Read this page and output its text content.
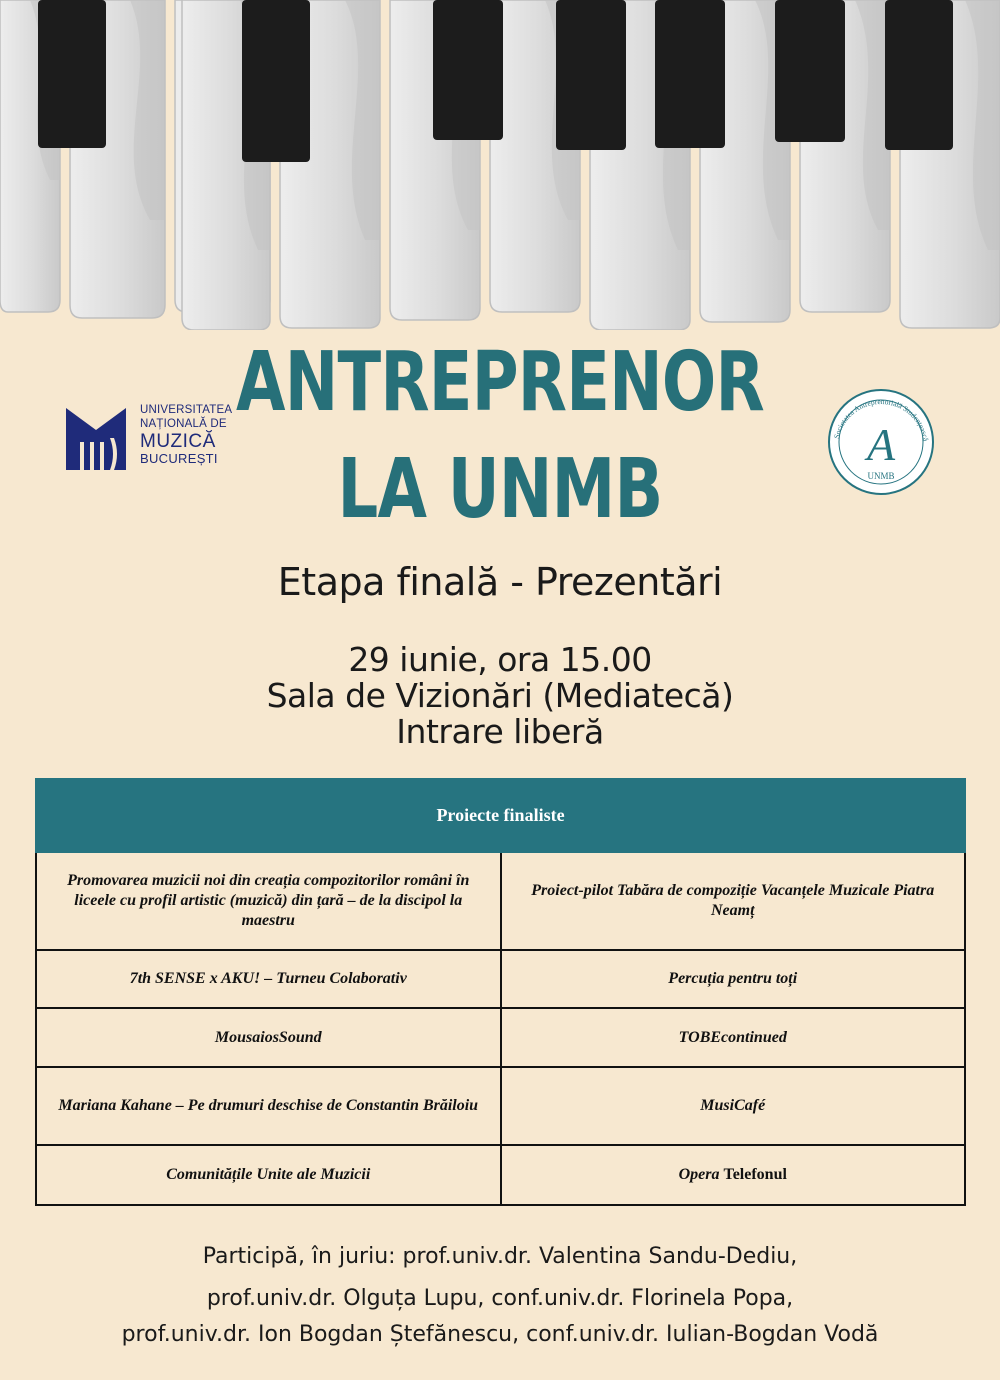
UNIVERSITATEA
NAȚIONALĂ DE
MUZICĂ
BUCUREȘTI
Societatea Antreprenorială Studențească
A
UNMB
ANTREPRENOR
LA UNMB
Etapa finală - Prezentări
29 iunie, ora 15.00
Sala de Vizionări (Mediatecă)
Intrare liberă
Proiecte finaliste	
Promovarea muzicii noi din creația compozitorilor români în liceele cu profil artistic (muzică) din țară – de la discipol la maestru	Proiect-pilot Tabăra de compoziție Vacanțele Muzicale Piatra Neamț
7th SENSE x AKU! – Turneu Colaborativ	Percuția pentru toți
MousaiosSound	TOBEcontinued
Mariana Kahane – Pe drumuri deschise de Constantin Brăiloiu	MusiCafé
Comunitățile Unite ale Muzicii	Opera Telefonul
Participă, în juriu: prof.univ.dr. Valentina Sandu-Dediu,
prof.univ.dr. Olguța Lupu, conf.univ.dr. Florinela Popa,
prof.univ.dr. Ion Bogdan Ștefănescu, conf.univ.dr. Iulian-Bogdan Vodă
